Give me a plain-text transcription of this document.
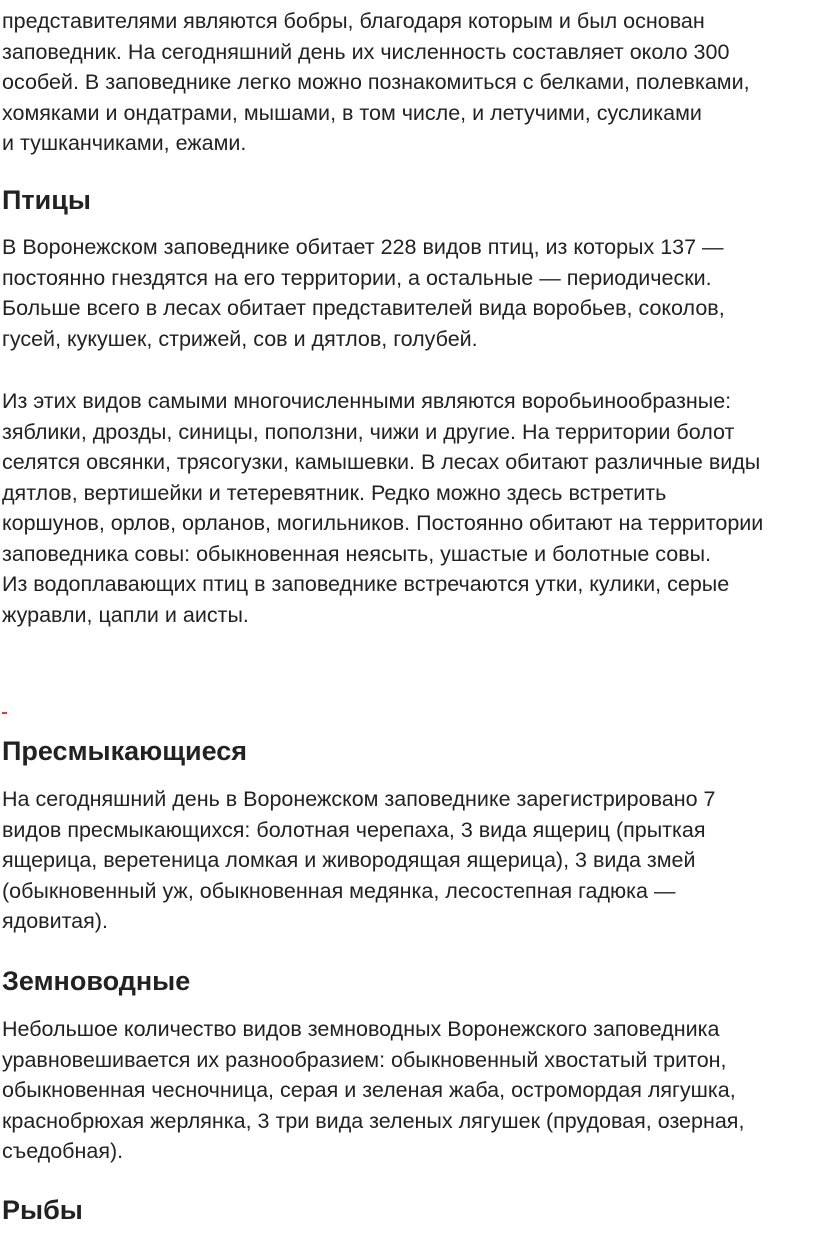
представителями являются бобры, благодаря которым и был основан
заповедник. На сегодняшний день их численность составляет около 300
особей. В заповеднике легко можно познакомиться с белками, полевками,
хомяками и ондатрами, мышами, в том числе, и летучими, сусликами
и тушканчиками, ежами.

Птицы

В Воронежском заповеднике обитает 228 видов птиц, из которых 137 —
постоянно гнездятся на его территории, а остальные — периодически.
Больше всего в лесах обитает представителей вида воробьев, соколов,
гусей, кукушек, стрижей, сов и дятлов, голубей.

Из этих видов самыми многочисленными являются воробьинообразные:
зяблики, дрозды, синицы, поползни, чижи и другие. На территории болот
селятся овсянки, трясогузки, камышевки. В лесах обитают различные виды
дятлов, вертишейки и тетеревятник. Редко можно здесь встретить
коршунов, орлов, орланов, могильников. Постоянно обитают на территории
заповедника совы: обыкновенная неясыть, ушастые и болотные совы.
Из водоплавающих птиц в заповеднике встречаются утки, кулики, серые
журавли, цапли и аисты.

Пресмыкающиеся

На сегодняшний день в Воронежском заповеднике зарегистрировано 7
видов пресмыкающихся: болотная черепаха, 3 вида ящериц (прыткая
ящерица, веретеница ломкая и живородящая ящерица), 3 вида змей
(обыкновенный уж, обыкновенная медянка, лесостепная гадюка —
ядовитая).

Земноводные

Небольшое количество видов земноводных Воронежского заповедника
уравновешивается их разнообразием: обыкновенный хвостатый тритон,
обыкновенная чесночница, серая и зеленая жаба, остромордая лягушка,
краснобрюхая жерлянка, 3 три вида зеленых лягушек (прудовая, озерная,
съедобная).

Рыбы
